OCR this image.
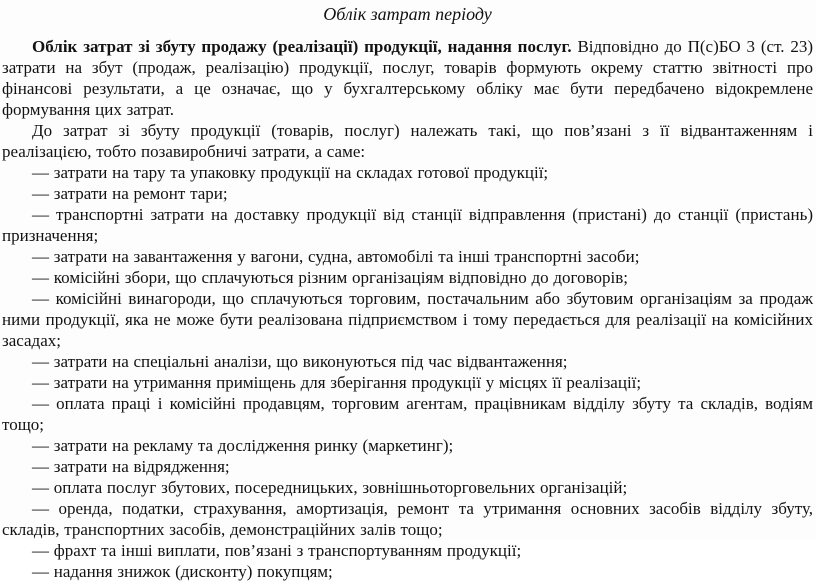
Облік затрат періоду

Облік затрат зі збуту продажу (реалізації) продукції, надання послуг. Відповідно до П(с)БО 3 (ст. 23) затрати на збут (продаж, реалізацію) продукції, послуг, товарів формують окрему статтю звітності про фінансові результати, а це означає, що у бухгалтерському обліку має бути передбачено відокремлене формування цих затрат.

До затрат зі збуту продукції (товарів, послуг) належать такі, що пов’язані з її відвантаженням і реалізацією, тобто позавиробничі затрати, а саме:

— затрати на тару та упаковку продукції на складах готової продукції;

— затрати на ремонт тари;

— транспортні затрати на доставку продукції від станції відправлення (пристані) до станції (пристань) призначення;

— затрати на завантаження у вагони, судна, автомобілі та інші транспортні засоби;

— комісійні збори, що сплачуються різним організаціям відповідно до договорів;

— комісійні винагороди, що сплачуються торговим, постачальним або збутовим організаціям за продаж ними продукції, яка не може бути реалізована підприємством і тому передається для реалізації на комісійних засадах;

— затрати на спеціальні аналізи, що виконуються під час відвантаження;

— затрати на утримання приміщень для зберігання продукції у місцях її реалізації;

— оплата праці і комісійні продавцям, торговим агентам, працівникам відділу збуту та складів, водіям тощо;

— затрати на рекламу та дослідження ринку (маркетинг);

— затрати на відрядження;

— оплата послуг збутових, посередницьких, зовнішньоторговельних організацій;

— оренда, податки, страхування, амортизація, ремонт та утримання основних засобів відділу збуту, складів, транспортних засобів, демонстраційних залів тощо;

— фрахт та інші виплати, пов’язані з транспортуванням продукції;

— надання знижок (дисконту) покупцям;
